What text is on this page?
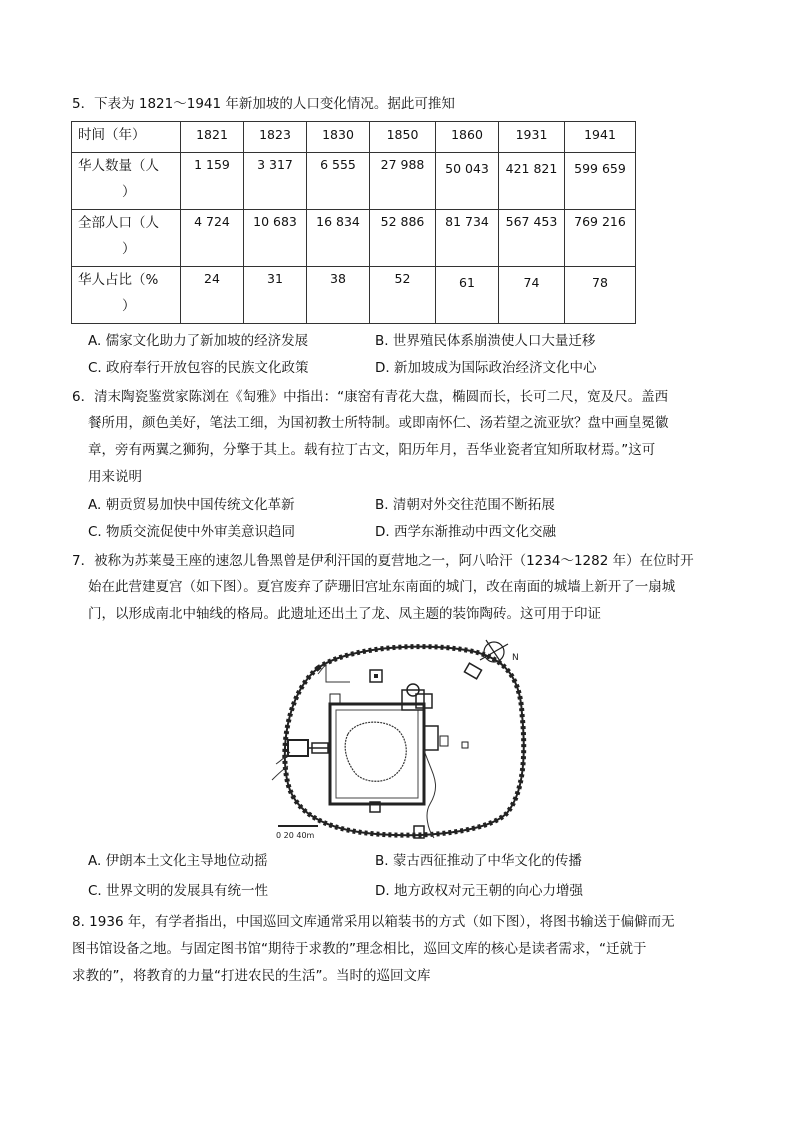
5．下表为 1821～1941 年新加坡的人口变化情况。据此可推知
时间（年）	1821	1823	1830	1850	1860	1931	1941

华人数量（人
）	1 159	3 317	6 555	27 988	50 043	421 821	599 659

全部人口（人
）	4 724	10 683	16 834	52 886	81 734	567 453	769 216

华人占比（%
）	24	31	38	52	61	74	78
A. 儒家文化助力了新加坡的经济发展	B. 世界殖民体系崩溃使人口大量迁移
C. 政府奉行开放包容的民族文化政策	D. 新加坡成为国际政治经济文化中心
6．清末陶瓷鉴赏家陈浏在《匋雅》中指出：“康窑有青花大盘，椭圆而长，长可二尺，宽及尺。盖西
餐所用，颜色美好，笔法工细，为国初教士所特制。或即南怀仁、汤若望之流亚欤？盘中画皇冕徽
章，旁有两翼之狮狗，分擎于其上。载有拉丁古文，阳历年月，吾华业瓷者宜知所取材焉。”这可
用来说明
A. 朝贡贸易加快中国传统文化革新	B. 清朝对外交往范围不断拓展
C. 物质交流促使中外审美意识趋同	D. 西学东渐推动中西文化交融
7．被称为苏莱曼王座的速忽儿鲁黑曾是伊利汗国的夏营地之一，阿八哈汗（1234～1282 年）在位时开
始在此营建夏宫（如下图）。夏宫废弃了萨珊旧宫址东南面的城门，改在南面的城墙上新开了一扇城
门，以形成南北中轴线的格局。此遗址还出土了龙、凤主题的装饰陶砖。这可用于印证
N
0 20 40m
A. 伊朗本土文化主导地位动摇	B. 蒙古西征推动了中华文化的传播
C. 世界文明的发展具有统一性	D. 地方政权对元王朝的向心力增强
8. 1936 年，有学者指出，中国巡回文库通常采用以箱装书的方式（如下图），将图书输送于偏僻而无
图书馆设备之地。与固定图书馆“期待于求教的”理念相比，巡回文库的核心是读者需求，“迁就于
求教的”，将教育的力量“打进农民的生活”。当时的巡回文库
